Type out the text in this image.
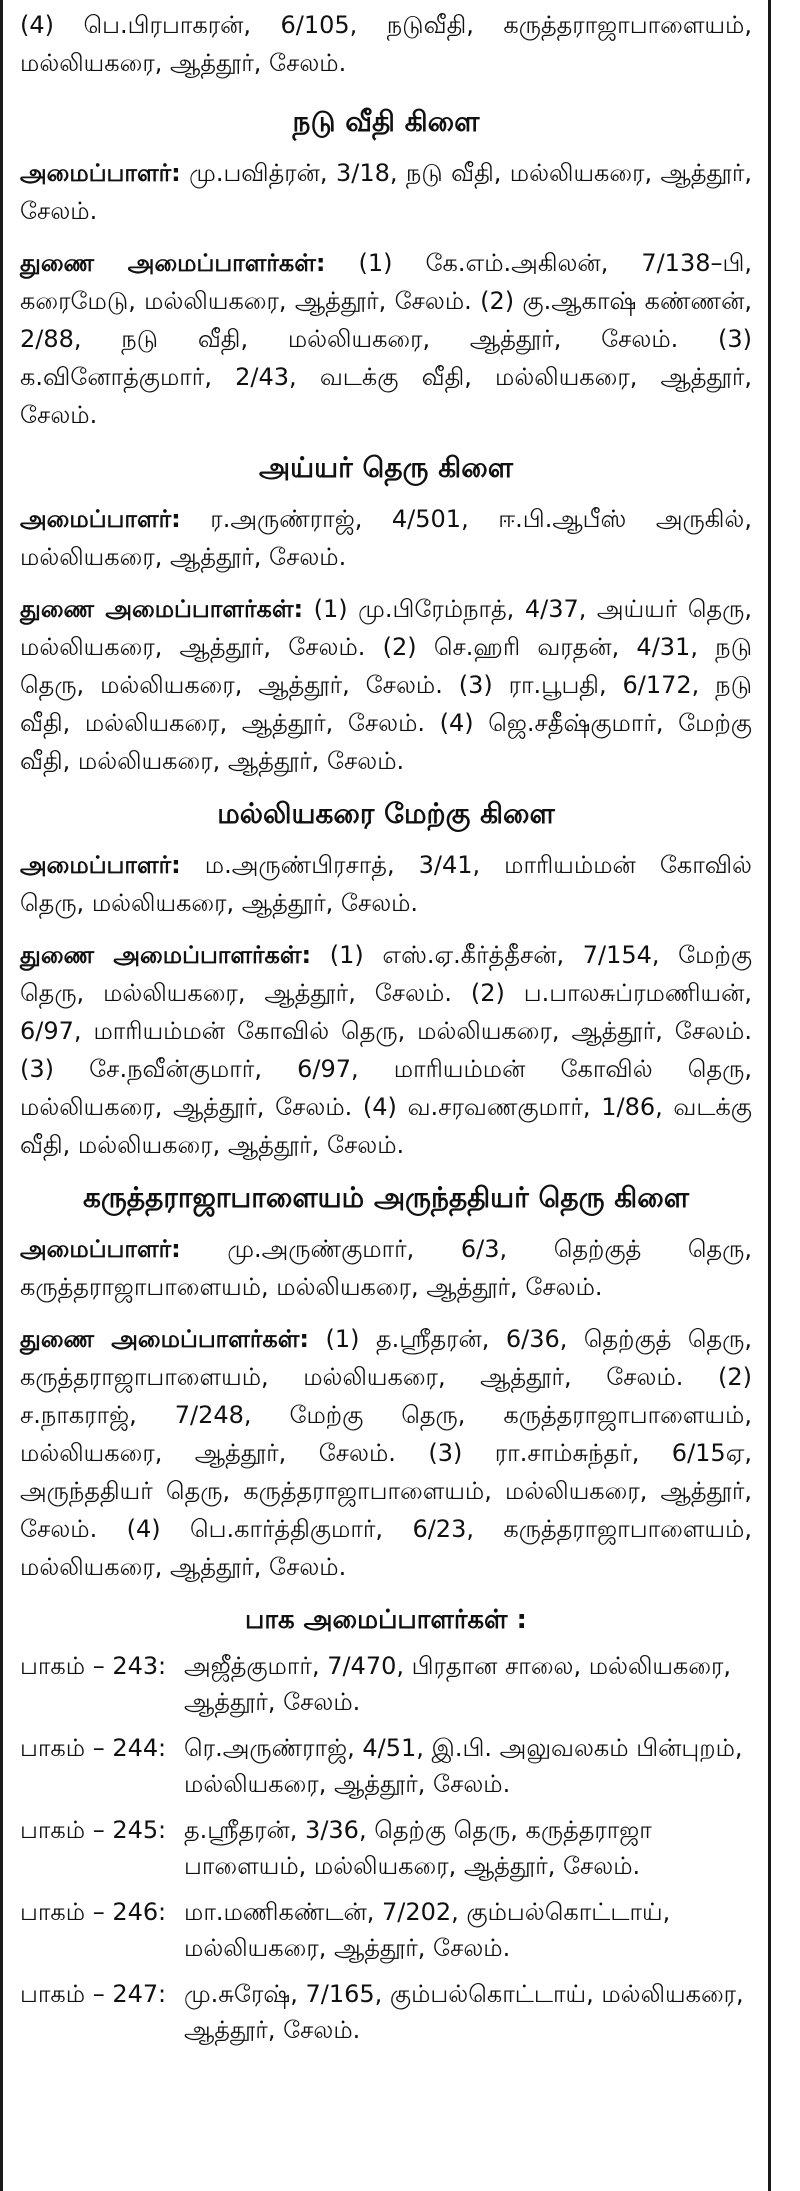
(4) பெ.பிரபாகரன், 6/105, நடுவீதி, கருத்தராஜாபாளையம், மல்லியகரை, ஆத்தூர், சேலம்.

நடு வீதி கிளை

அமைப்பாளர்: மு.பவித்ரன், 3/18, நடு வீதி, மல்லியகரை, ஆத்தூர், சேலம்.

துணை அமைப்பாளர்கள்: (1) கே.எம்.அகிலன், 7/138–பி, கரைமேடு, மல்லியகரை, ஆத்தூர், சேலம். (2) கு.ஆகாஷ் கண்ணன், 2/88, நடு வீதி, மல்லியகரை, ஆத்தூர், சேலம். (3) க.வினோத்குமார், 2/43, வடக்கு வீதி, மல்லியகரை, ஆத்தூர், சேலம்.

அய்யர் தெரு கிளை

அமைப்பாளர்: ர.அருண்ராஜ், 4/501, ஈ.பி.ஆபீஸ் அருகில், மல்லியகரை, ஆத்தூர், சேலம்.

துணை அமைப்பாளர்கள்: (1) மு.பிரேம்நாத், 4/37, அய்யர் தெரு, மல்லியகரை, ஆத்தூர், சேலம். (2) செ.ஹரி வரதன், 4/31, நடு தெரு, மல்லியகரை, ஆத்தூர், சேலம். (3) ரா.பூபதி, 6/172, நடு வீதி, மல்லியகரை, ஆத்தூர், சேலம். (4) ஜெ.சதீஷ்குமார், மேற்கு வீதி, மல்லியகரை, ஆத்தூர், சேலம்.

மல்லியகரை மேற்கு கிளை

அமைப்பாளர்: ம.அருண்பிரசாத், 3/41, மாரியம்மன் கோவில் தெரு, மல்லியகரை, ஆத்தூர், சேலம்.

துணை அமைப்பாளர்கள்: (1) எஸ்.ஏ.கீர்த்தீசன், 7/154, மேற்கு தெரு, மல்லியகரை, ஆத்தூர், சேலம். (2) ப.பாலசுப்ரமணியன், 6/97, மாரியம்மன் கோவில் தெரு, மல்லியகரை, ஆத்தூர், சேலம். (3) சே.நவீன்குமார், 6/97, மாரியம்மன் கோவில் தெரு, மல்லியகரை, ஆத்தூர், சேலம். (4) வ.சரவணகுமார், 1/86, வடக்கு வீதி, மல்லியகரை, ஆத்தூர், சேலம்.

கருத்தராஜாபாளையம் அருந்ததியர் தெரு கிளை

அமைப்பாளர்: மு.அருண்குமார், 6/3, தெற்குத் தெரு, கருத்தராஜாபாளையம், மல்லியகரை, ஆத்தூர், சேலம்.

துணை அமைப்பாளர்கள்: (1) த.ஸ்ரீதரன், 6/36, தெற்குத் தெரு, கருத்தராஜாபாளையம், மல்லியகரை, ஆத்தூர், சேலம். (2) ச.நாகராஜ், 7/248, மேற்கு தெரு, கருத்தராஜாபாளையம், மல்லியகரை, ஆத்தூர், சேலம். (3) ரா.சாம்சுந்தர், 6/15ஏ, அருந்ததியர் தெரு, கருத்தராஜாபாளையம், மல்லியகரை, ஆத்தூர், சேலம். (4) பெ.கார்த்திகுமார், 6/23, கருத்தராஜாபாளையம், மல்லியகரை, ஆத்தூர், சேலம்.

பாக அமைப்பாளர்கள் :
பாகம் – 243 : அஜீத்குமார், 7/470, பிரதான சாலை, மல்லியகரை, ஆத்தூர், சேலம்.
பாகம் – 244 : ரெ.அருண்ராஜ், 4/51, இ.பி. அலுவலகம் பின்புறம், மல்லியகரை, ஆத்தூர், சேலம்.
பாகம் – 245 : த.ஸ்ரீதரன், 3/36, தெற்கு தெரு, கருத்தராஜா பாளையம், மல்லியகரை, ஆத்தூர், சேலம்.
பாகம் – 246 : மா.மணிகண்டன், 7/202, கும்பல்கொட்டாய், மல்லியகரை, ஆத்தூர், சேலம்.
பாகம் – 247 : மு.சுரேஷ், 7/165, கும்பல்கொட்டாய், மல்லியகரை, ஆத்தூர், சேலம்.
